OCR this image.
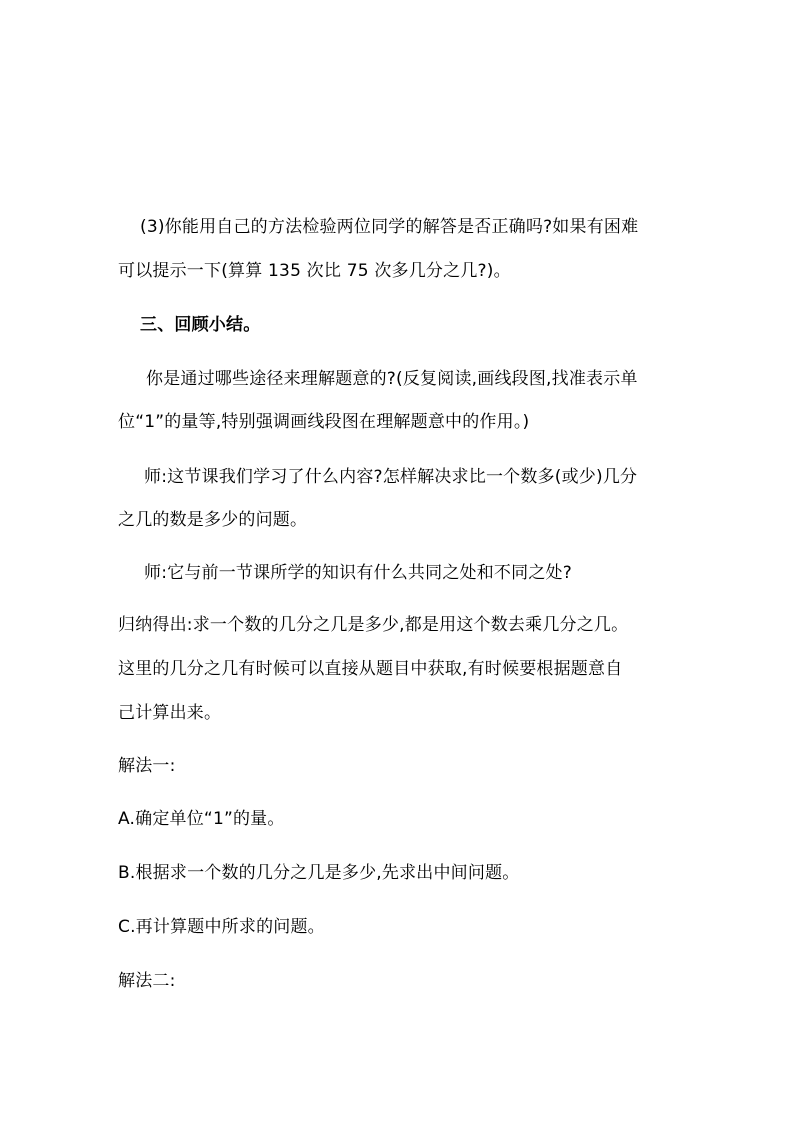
(3)你能用自己的方法检验两位同学的解答是否正确吗?如果有困难
可以提示一下(算算 135 次比 75 次多几分之几?)。
三、回顾小结。
你是通过哪些途径来理解题意的?(反复阅读,画线段图,找准表示单
位“1”的量等,特别强调画线段图在理解题意中的作用。)
师:这节课我们学习了什么内容?怎样解决求比一个数多(或少)几分
之几的数是多少的问题。
师:它与前一节课所学的知识有什么共同之处和不同之处?
归纳得出:求一个数的几分之几是多少,都是用这个数去乘几分之几。
这里的几分之几有时候可以直接从题目中获取,有时候要根据题意自
己计算出来。
解法一:
A.确定单位“1”的量。
B.根据求一个数的几分之几是多少,先求出中间问题。
C.再计算题中所求的问题。
解法二:
